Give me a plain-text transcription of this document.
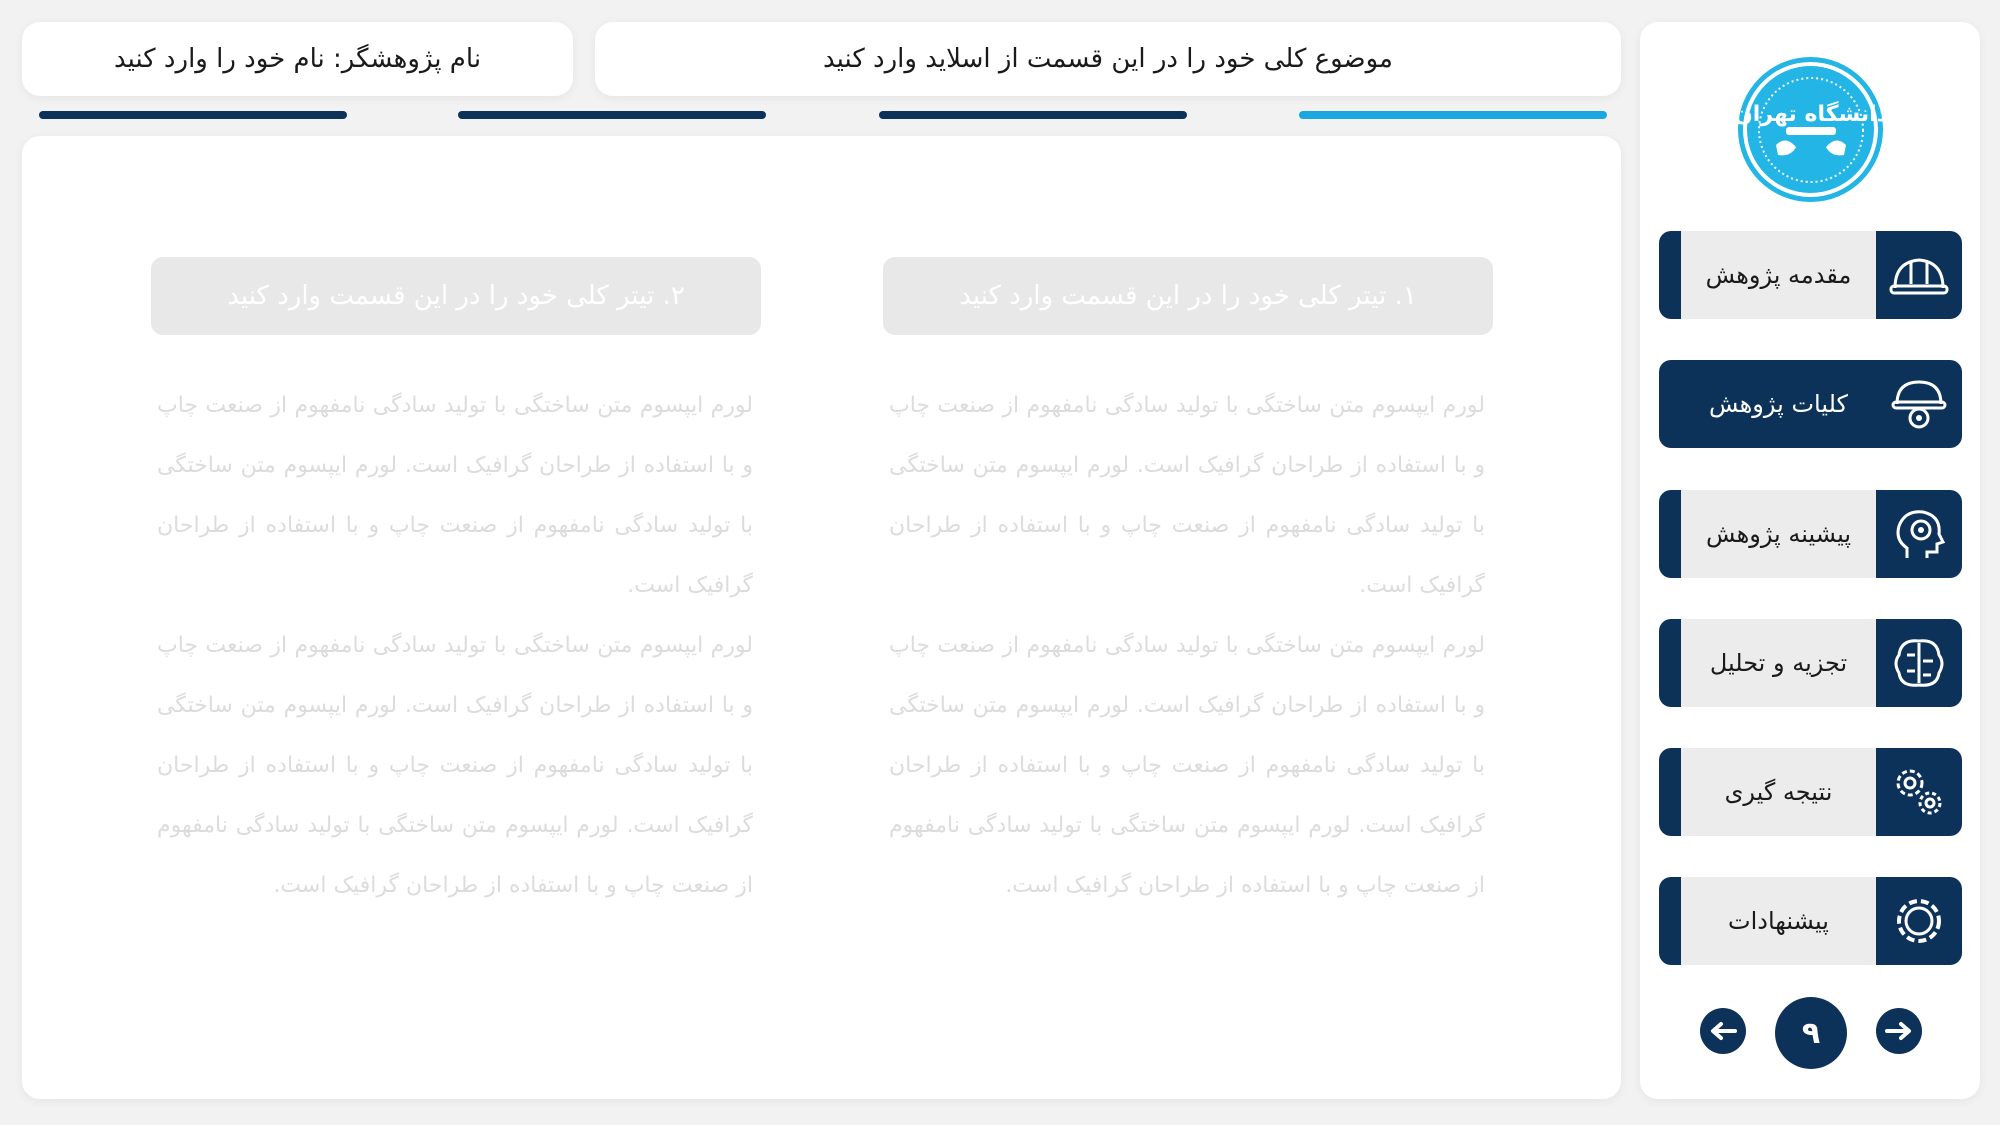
نام پژوهشگر: نام خود را وارد کنید	موضوع کلی خود را در این قسمت از اسلاید وارد کنید
۱. تیتر کلی خود را در این قسمت وارد کنید
۲. تیتر کلی خود را در این قسمت وارد کنید

لورم ایپسوم متن ساختگی با تولید سادگی نامفهوم از صنعت چاپ و با استفاده از طراحان گرافیک است. لورم ایپسوم متن ساختگی با تولید سادگی نامفهوم از صنعت چاپ و با استفاده از طراحان گرافیک است.

لورم ایپسوم متن ساختگی با تولید سادگی نامفهوم از صنعت چاپ و با استفاده از طراحان گرافیک است. لورم ایپسوم متن ساختگی با تولید سادگی نامفهوم از صنعت چاپ و با استفاده از طراحان گرافیک است. لورم ایپسوم متن ساختگی با تولید سادگی نامفهوم از صنعت چاپ و با استفاده از طراحان گرافیک است.

لورم ایپسوم متن ساختگی با تولید سادگی نامفهوم از صنعت چاپ و با استفاده از طراحان گرافیک است. لورم ایپسوم متن ساختگی با تولید سادگی نامفهوم از صنعت چاپ و با استفاده از طراحان گرافیک است.

لورم ایپسوم متن ساختگی با تولید سادگی نامفهوم از صنعت چاپ و با استفاده از طراحان گرافیک است. لورم ایپسوم متن ساختگی با تولید سادگی نامفهوم از صنعت چاپ و با استفاده از طراحان گرافیک است. لورم ایپسوم متن ساختگی با تولید سادگی نامفهوم از صنعت چاپ و با استفاده از طراحان گرافیک است.

دانشگاه تهران
مقدمه پژوهش
کلیات پژوهش
پیشینه پژوهش
تجزیه و تحلیل
نتیجه گیری
پیشنهادات
۹
